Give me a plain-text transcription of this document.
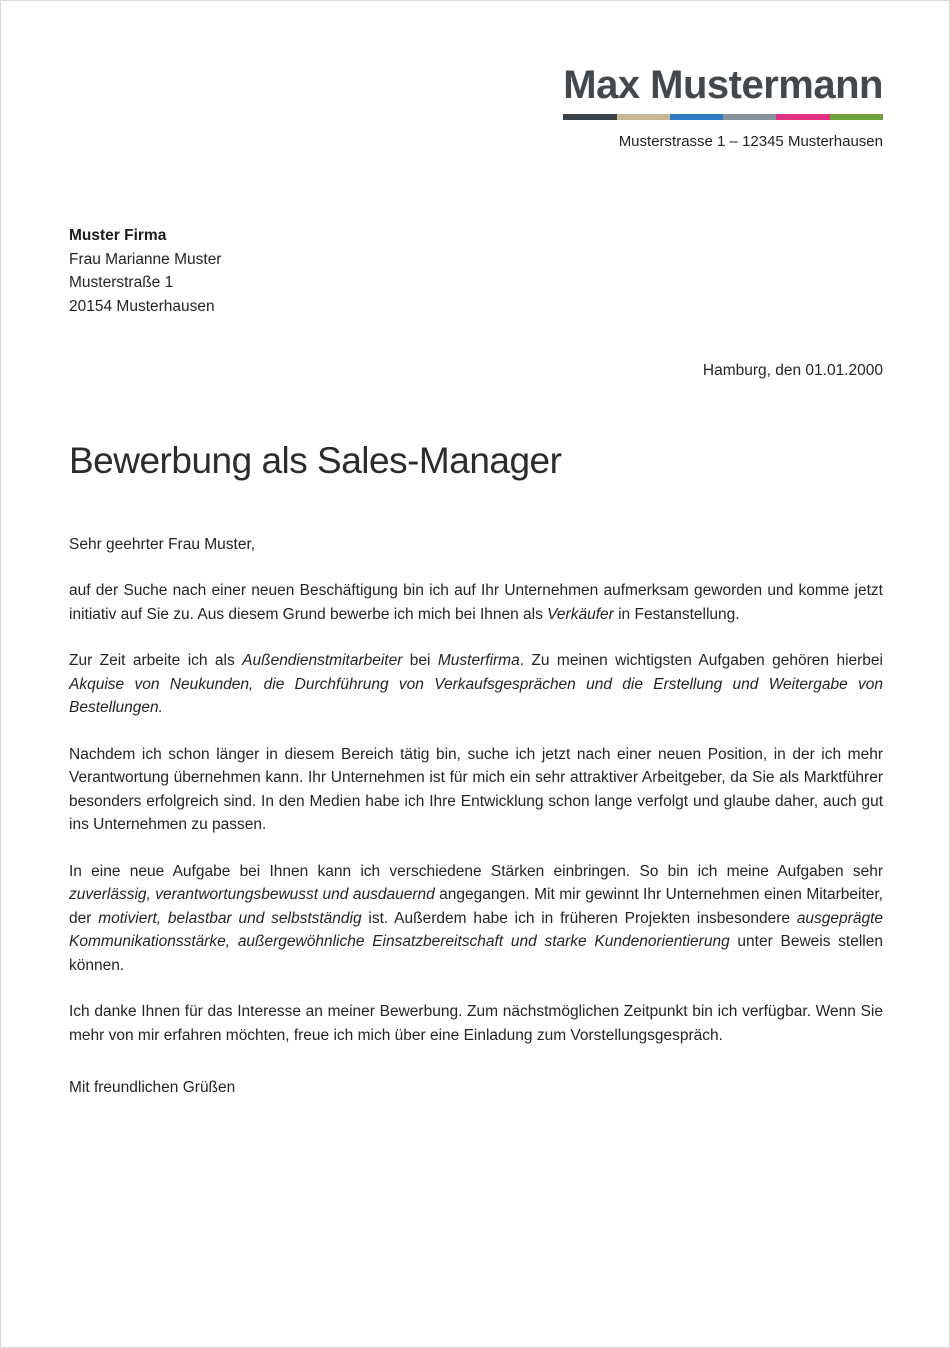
Max Mustermann
Musterstrasse 1 – 12345 Musterhausen
Muster Firma
Frau Marianne Muster
Musterstraße 1
20154 Musterhausen
Hamburg, den 01.01.2000
Bewerbung als Sales-Manager

Sehr geehrter Frau Muster,

auf der Suche nach einer neuen Beschäftigung bin ich auf Ihr Unternehmen aufmerksam geworden und komme jetzt initiativ auf Sie zu. Aus diesem Grund bewerbe ich mich bei Ihnen als Verkäufer in Festanstellung.

Zur Zeit arbeite ich als Außendienstmitarbeiter bei Musterfirma. Zu meinen wichtigsten Aufgaben gehören hierbei Akquise von Neukunden, die Durchführung von Verkaufsgesprächen und die Erstellung und Weitergabe von Bestellungen.

Nachdem ich schon länger in diesem Bereich tätig bin, suche ich jetzt nach einer neuen Position, in der ich mehr Verantwortung übernehmen kann. Ihr Unternehmen ist für mich ein sehr attraktiver Arbeitgeber, da Sie als Marktführer besonders erfolgreich sind. In den Medien habe ich Ihre Entwicklung schon lange verfolgt und glaube daher, auch gut ins Unternehmen zu passen.

In eine neue Aufgabe bei Ihnen kann ich verschiedene Stärken einbringen. So bin ich meine Aufgaben sehr zuverlässig, verantwortungsbewusst und ausdauernd angegangen. Mit mir gewinnt Ihr Unternehmen einen Mitarbeiter, der motiviert, belastbar und selbstständig ist. Außerdem habe ich in früheren Projekten insbesondere ausgeprägte Kommunikationsstärke, außergewöhnliche Einsatzbereitschaft und starke Kundenorientierung unter Beweis stellen können.

Ich danke Ihnen für das Interesse an meiner Bewerbung. Zum nächstmöglichen Zeitpunkt bin ich verfügbar. Wenn Sie mehr von mir erfahren möchten, freue ich mich über eine Einladung zum Vorstellungsgespräch.

Mit freundlichen Grüßen
